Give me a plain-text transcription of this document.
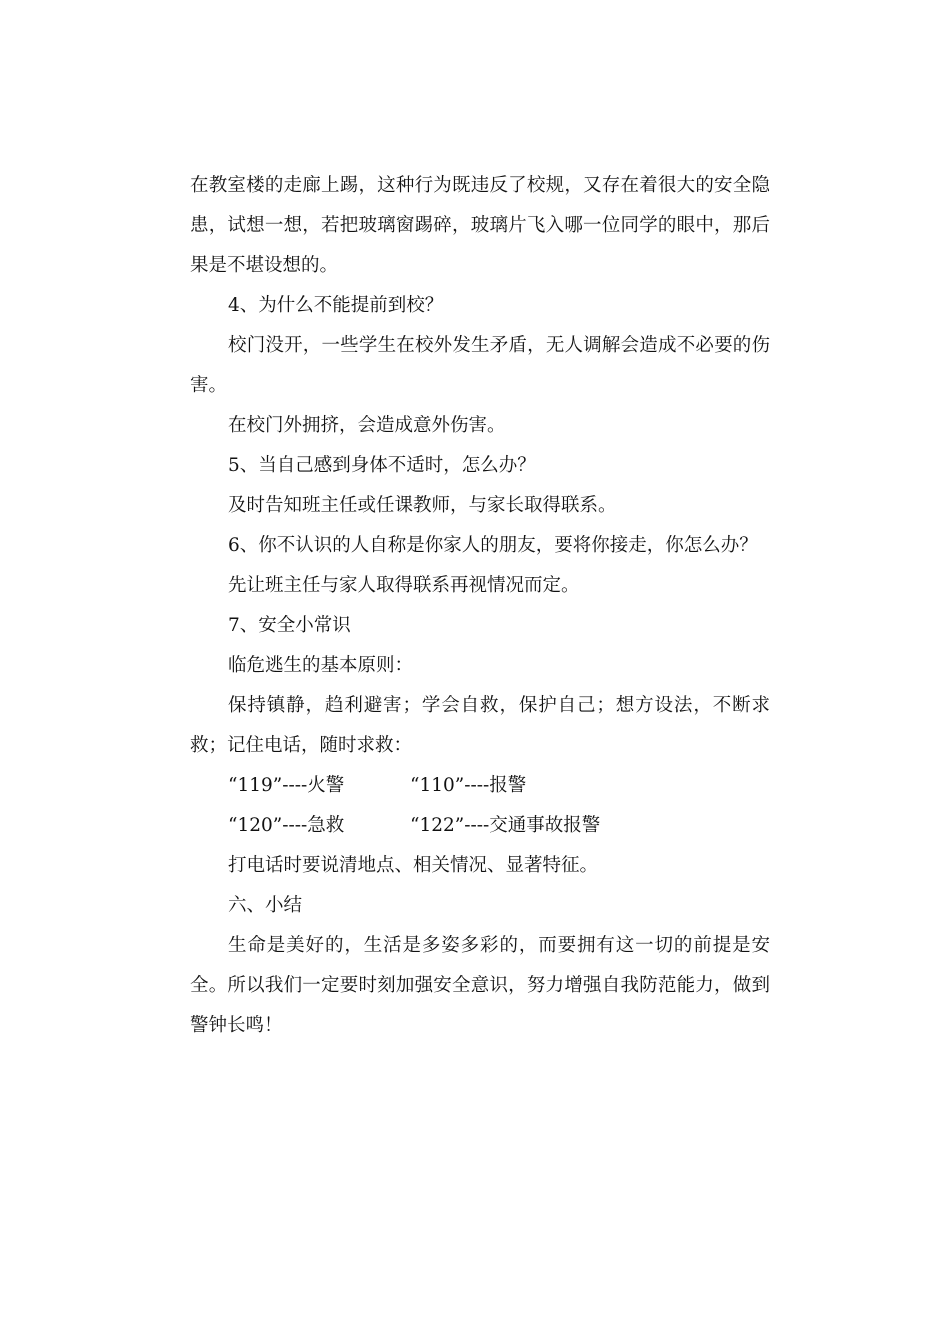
在教室楼的走廊上踢，这种行为既违反了校规，又存在着很大的安全隐患，试想一想，若把玻璃窗踢碎，玻璃片飞入哪一位同学的眼中，那后果是不堪设想的。

4、为什么不能提前到校？

校门没开，一些学生在校外发生矛盾，无人调解会造成不必要的伤害。

在校门外拥挤，会造成意外伤害。

5、当自己感到身体不适时，怎么办？

及时告知班主任或任课教师，与家长取得联系。

6、你不认识的人自称是你家人的朋友，要将你接走，你怎么办？

先让班主任与家人取得联系再视情况而定。

7、安全小常识

临危逃生的基本原则：

保持镇静，趋利避害；学会自救，保护自己；想方设法，不断求救；记住电话，随时求救：

“119”----火警	“110”----报警
“120”----急救	“122”----交通事故报警

打电话时要说清地点、相关情况、显著特征。

六、小结

生命是美好的，生活是多姿多彩的，而要拥有这一切的前提是安全。所以我们一定要时刻加强安全意识，努力增强自我防范能力，做到警钟长鸣！
